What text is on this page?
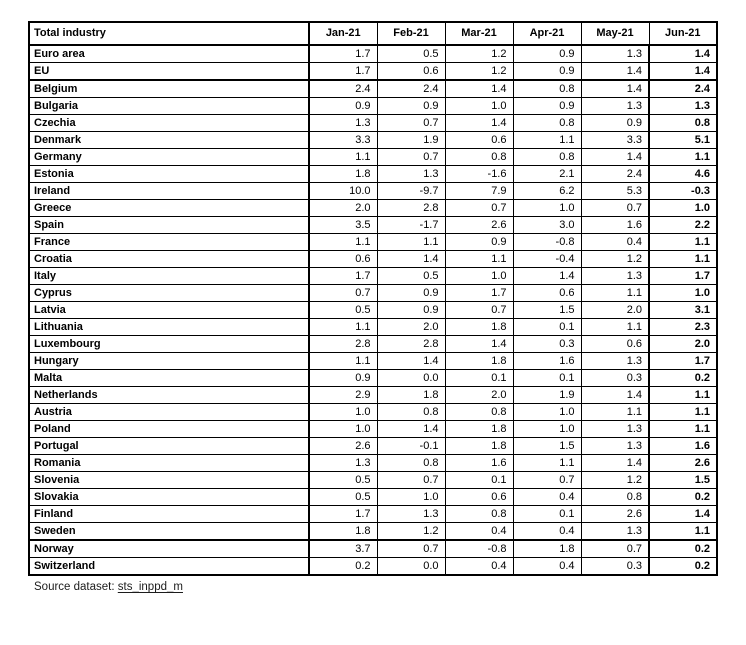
Total industry	Jan-21	Feb-21	Mar-21	Apr-21	May-21	Jun-21
Euro area	1.7	0.5	1.2	0.9	1.3	1.4
EU	1.7	0.6	1.2	0.9	1.4	1.4
Belgium	2.4	2.4	1.4	0.8	1.4	2.4
Bulgaria	0.9	0.9	1.0	0.9	1.3	1.3
Czechia	1.3	0.7	1.4	0.8	0.9	0.8
Denmark	3.3	1.9	0.6	1.1	3.3	5.1
Germany	1.1	0.7	0.8	0.8	1.4	1.1
Estonia	1.8	1.3	-1.6	2.1	2.4	4.6
Ireland	10.0	-9.7	7.9	6.2	5.3	-0.3
Greece	2.0	2.8	0.7	1.0	0.7	1.0
Spain	3.5	-1.7	2.6	3.0	1.6	2.2
France	1.1	1.1	0.9	-0.8	0.4	1.1
Croatia	0.6	1.4	1.1	-0.4	1.2	1.1
Italy	1.7	0.5	1.0	1.4	1.3	1.7
Cyprus	0.7	0.9	1.7	0.6	1.1	1.0
Latvia	0.5	0.9	0.7	1.5	2.0	3.1
Lithuania	1.1	2.0	1.8	0.1	1.1	2.3
Luxembourg	2.8	2.8	1.4	0.3	0.6	2.0
Hungary	1.1	1.4	1.8	1.6	1.3	1.7
Malta	0.9	0.0	0.1	0.1	0.3	0.2
Netherlands	2.9	1.8	2.0	1.9	1.4	1.1
Austria	1.0	0.8	0.8	1.0	1.1	1.1
Poland	1.0	1.4	1.8	1.0	1.3	1.1
Portugal	2.6	-0.1	1.8	1.5	1.3	1.6
Romania	1.3	0.8	1.6	1.1	1.4	2.6
Slovenia	0.5	0.7	0.1	0.7	1.2	1.5
Slovakia	0.5	1.0	0.6	0.4	0.8	0.2
Finland	1.7	1.3	0.8	0.1	2.6	1.4
Sweden	1.8	1.2	0.4	0.4	1.3	1.1
Norway	3.7	0.7	-0.8	1.8	0.7	0.2
Switzerland	0.2	0.0	0.4	0.4	0.3	0.2
Source dataset: sts_inppd_m
